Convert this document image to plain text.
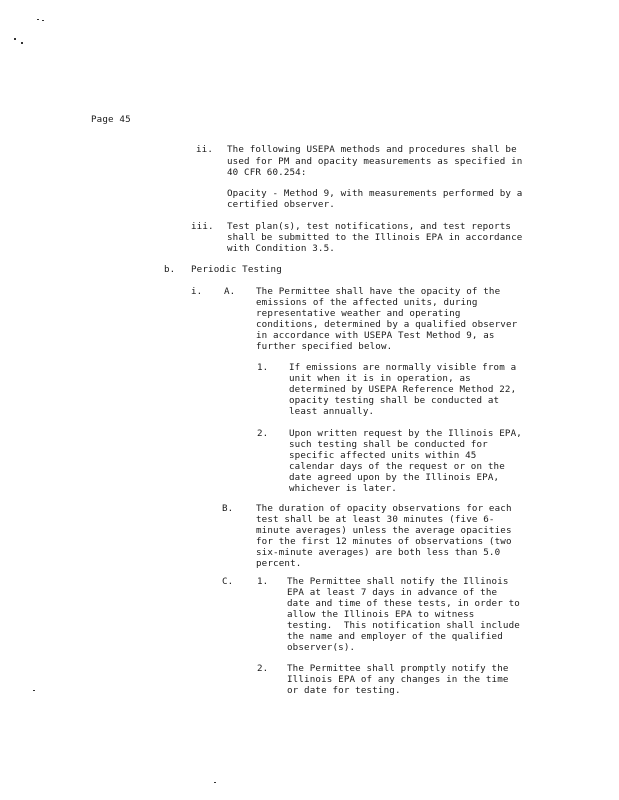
Page 45
ii. The following USEPA methods and procedures shall be
used for PM and opacity measurements as specified in
40 CFR 60.254:
Opacity - Method 9, with measurements performed by a
certified observer.
iii. Test plan(s), test notifications, and test reports
shall be submitted to the Illinois EPA in accordance
with Condition 3.5.
b. Periodic Testing
i. A. The Permittee shall have the opacity of the
emissions of the affected units, during
representative weather and operating
conditions, determined by a qualified observer
in accordance with USEPA Test Method 9, as
further specified below.
1. If emissions are normally visible from a
unit when it is in operation, as
determined by USEPA Reference Method 22,
opacity testing shall be conducted at
least annually.
2. Upon written request by the Illinois EPA,
such testing shall be conducted for
specific affected units within 45
calendar days of the request or on the
date agreed upon by the Illinois EPA,
whichever is later.
B. The duration of opacity observations for each
test shall be at least 30 minutes (five 6-
minute averages) unless the average opacities
for the first 12 minutes of observations (two
six-minute averages) are both less than 5.0
percent.
C.	1. The Permittee shall notify the Illinois
EPA at least 7 days in advance of the
date and time of these tests, in order to
allow the Illinois EPA to witness
testing.  This notification shall include
the name and employer of the qualified
observer(s).
2. The Permittee shall promptly notify the
Illinois EPA of any changes in the time
or date for testing.
